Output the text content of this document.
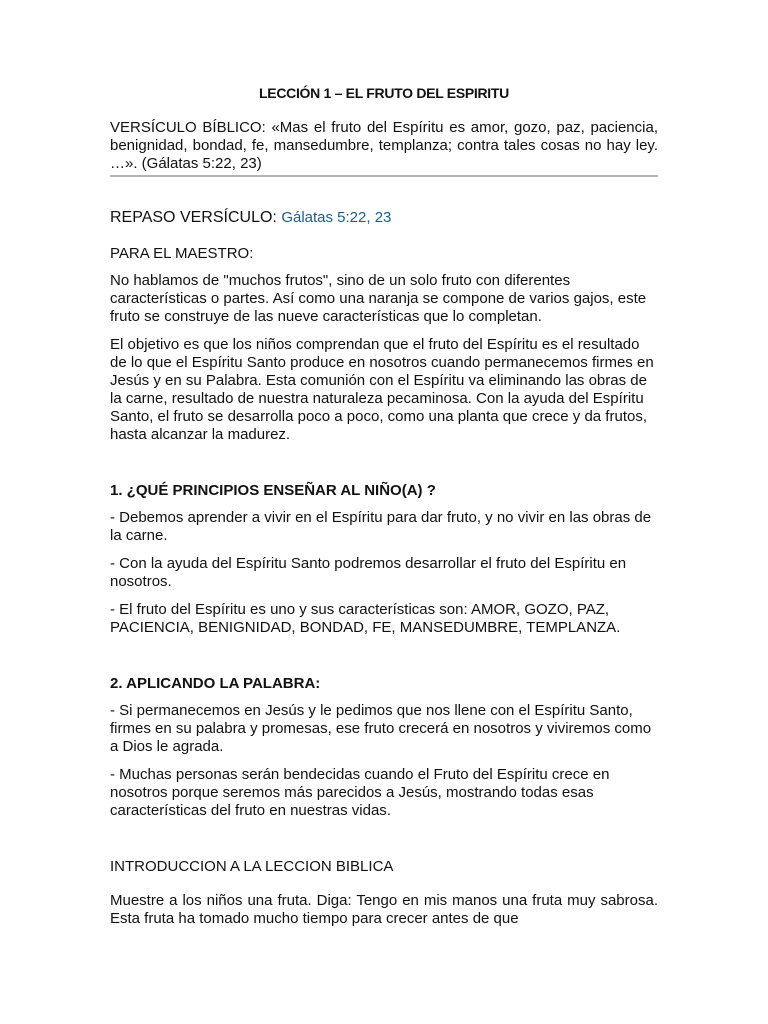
LECCIÓN 1 – EL FRUTO DEL ESPIRITU

VERSÍCULO BÍBLICO: «Mas el fruto del Espíritu es amor, gozo, paz, paciencia, benignidad, bondad, fe, mansedumbre, templanza; contra tales cosas no hay ley. …». (Gálatas 5:22, 23)

REPASO VERSÍCULO: Gálatas 5:22, 23

PARA EL MAESTRO:

No hablamos de "muchos frutos", sino de un solo fruto con diferentes características o partes. Así como una naranja se compone de varios gajos, este fruto se construye de las nueve características que lo completan.

El objetivo es que los niños comprendan que el fruto del Espíritu es el resultado de lo que el Espíritu Santo produce en nosotros cuando permanecemos firmes en Jesús y en su Palabra. Esta comunión con el Espíritu va eliminando las obras de la carne, resultado de nuestra naturaleza pecaminosa. Con la ayuda del Espíritu Santo, el fruto se desarrolla poco a poco, como una planta que crece y da frutos, hasta alcanzar la madurez.

1. ¿QUÉ PRINCIPIOS ENSEÑAR AL NIÑO(A) ?

- Debemos aprender a vivir en el Espíritu para dar fruto, y no vivir en las obras de la carne.

- Con la ayuda del Espíritu Santo podremos desarrollar el fruto del Espíritu en nosotros.

- El fruto del Espíritu es uno y sus características son: AMOR, GOZO, PAZ, PACIENCIA, BENIGNIDAD, BONDAD, FE, MANSEDUMBRE, TEMPLANZA.

2. APLICANDO LA PALABRA:

- Si permanecemos en Jesús y le pedimos que nos llene con el Espíritu Santo, firmes en su palabra y promesas, ese fruto crecerá en nosotros y viviremos como a Dios le agrada.

- Muchas personas serán bendecidas cuando el Fruto del Espíritu crece en nosotros porque seremos más parecidos a Jesús, mostrando todas esas características del fruto en nuestras vidas.

INTRODUCCION A LA LECCION BIBLICA

Muestre a los niños una fruta. Diga: Tengo en mis manos una fruta muy sabrosa. Esta fruta ha tomado mucho tiempo para crecer antes de que
